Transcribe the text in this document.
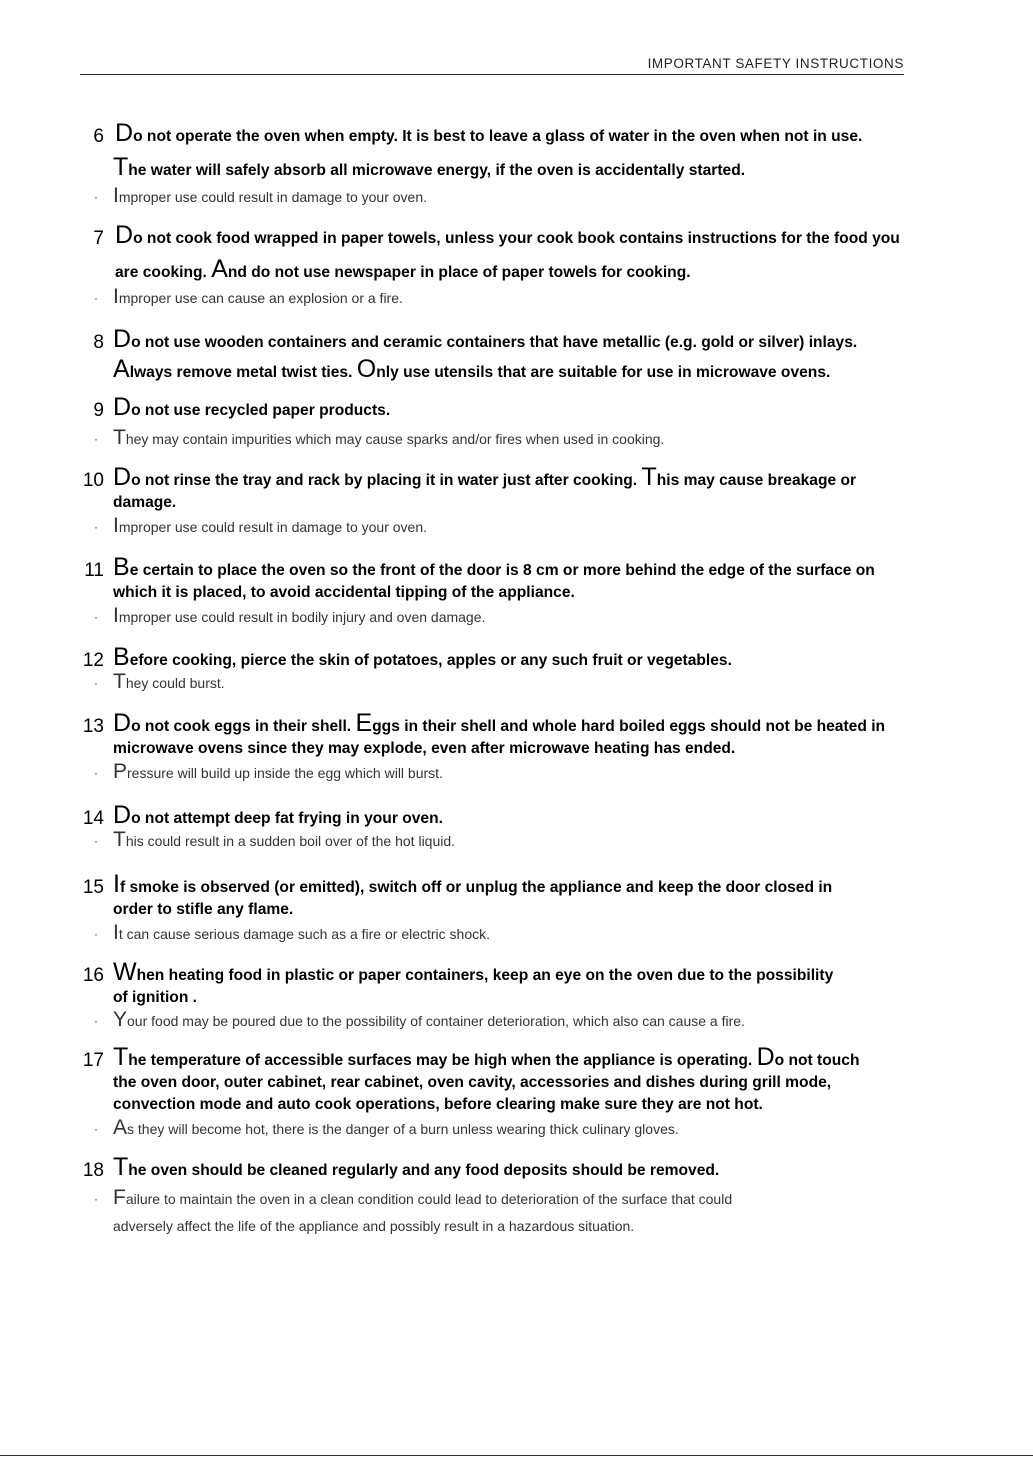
IMPORTANT SAFETY INSTRUCTIONS
6 Do not operate the oven when empty. It is best to leave a glass of water in the oven when not in use.
The water will safely absorb all microwave energy, if the oven is accidentally started.
· Improper use could result in damage to your oven.
7 Do not cook food wrapped in paper towels, unless your cook book contains instructions for the food you
are cooking. And do not use newspaper in place of paper towels for cooking.
· Improper use can cause an explosion or a fire.
8 Do not use wooden containers and ceramic containers that have metallic (e.g. gold or silver) inlays.
Always remove metal twist ties. Only use utensils that are suitable for use in microwave ovens.
9 Do not use recycled paper products.
· They may contain impurities which may cause sparks and/or fires when used in cooking.
10 Do not rinse the tray and rack by placing it in water just after cooking. This may cause breakage or
damage.
· Improper use could result in damage to your oven.
11 Be certain to place the oven so the front of the door is 8 cm or more behind the edge of the surface on
which it is placed, to avoid accidental tipping of the appliance.
· Improper use could result in bodily injury and oven damage.
12 Before cooking, pierce the skin of potatoes, apples or any such fruit or vegetables.
· They could burst.
13 Do not cook eggs in their shell. Eggs in their shell and whole hard boiled eggs should not be heated in
microwave ovens since they may explode, even after microwave heating has ended.
· Pressure will build up inside the egg which will burst.
14 Do not attempt deep fat frying in your oven.
· This could result in a sudden boil over of the hot liquid.
15 If smoke is observed (or emitted), switch off or unplug the appliance and keep the door closed in
order to stifle any flame.
· It can cause serious damage such as a fire or electric shock.
16 When heating food in plastic or paper containers, keep an eye on the oven due to the possibility
of ignition .
· Your food may be poured due to the possibility of container deterioration, which also can cause a fire.
17 The temperature of accessible surfaces may be high when the appliance is operating. Do not touch
the oven door, outer cabinet, rear cabinet, oven cavity, accessories and dishes during grill mode,
convection mode and auto cook operations, before clearing make sure they are not hot.
· As they will become hot, there is the danger of a burn unless wearing thick culinary gloves.
18 The oven should be cleaned regularly and any food deposits should be removed.
· Failure to maintain the oven in a clean condition could lead to deterioration of the surface that could
adversely affect the life of the appliance and possibly result in a hazardous situation.
